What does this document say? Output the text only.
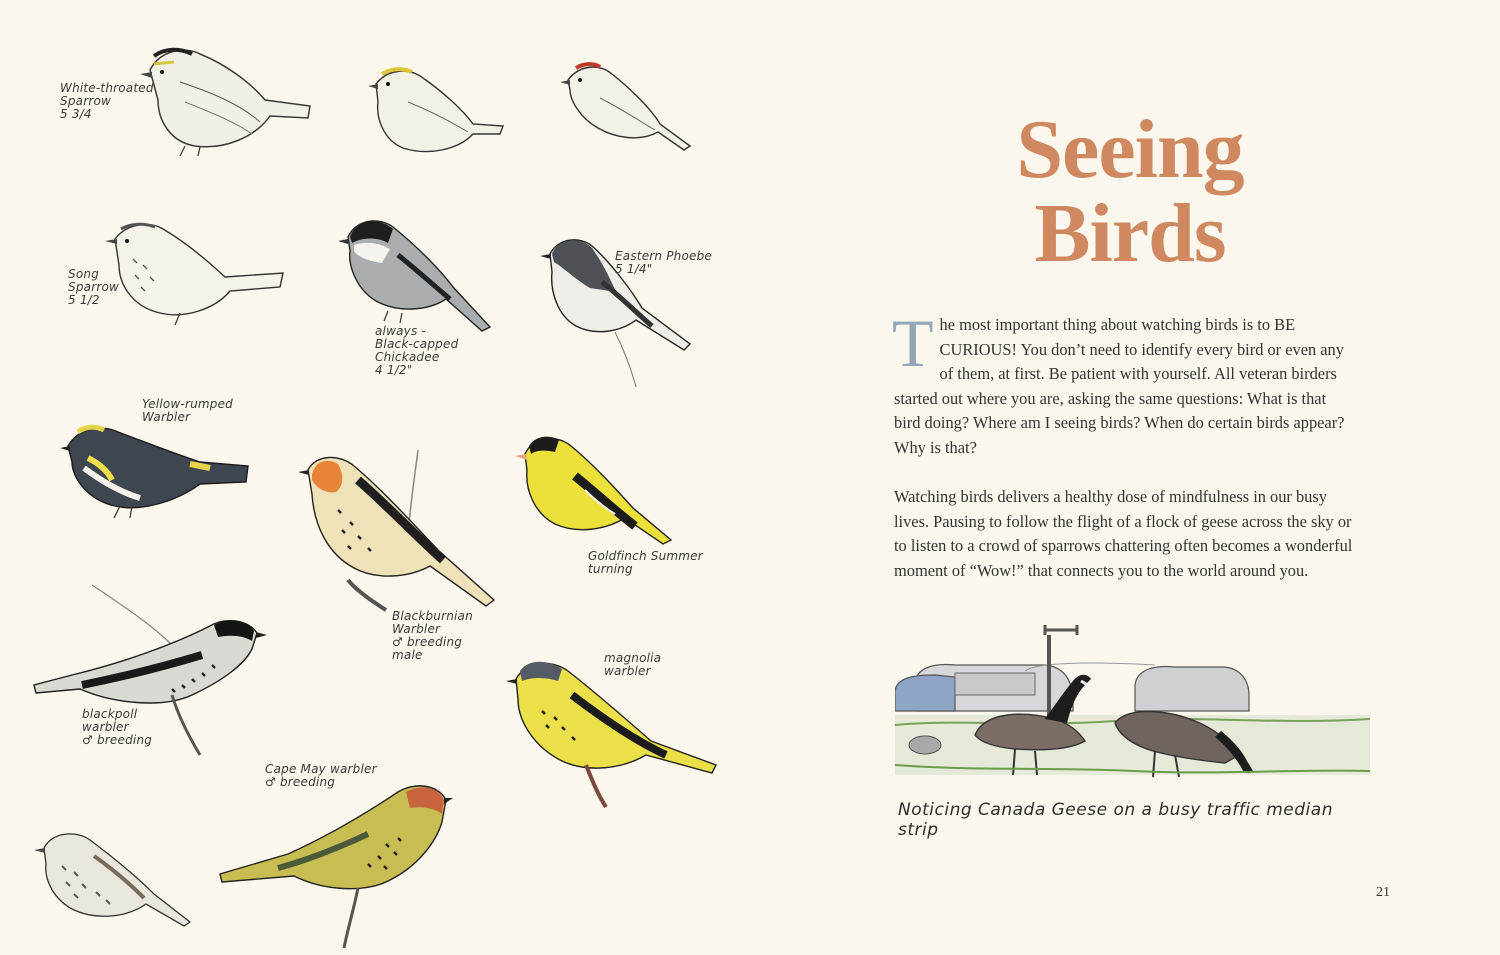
White-throated
Sparrow
5 3/4
Song
Sparrow
5 1/2
always -
Black-capped
Chickadee
4 1/2"
Eastern Phoebe
5 1/4"
Yellow-rumped
Warbler
Blackburnian
Warbler
♂ breeding
male
Goldfinch Summer
turning
blackpoll
warbler
♂ breeding
magnolia
warbler
Cape May warbler
♂ breeding
Seeing
Birds
The most important thing about watching birds is to BE CURIOUS! You don’t need to identify every bird or even any of them, at first. Be patient with yourself. All veteran birders started out where you are, asking the same questions: What is that bird doing? Where am I seeing birds? When do certain birds appear? Why is that?
Watching birds delivers a healthy dose of mindfulness in our busy lives. Pausing to follow the flight of a flock of geese across the sky or to listen to a crowd of sparrows chattering often becomes a wonderful moment of “Wow!” that connects you to the world around you.
Noticing Canada Geese on a busy traffic median strip
21
